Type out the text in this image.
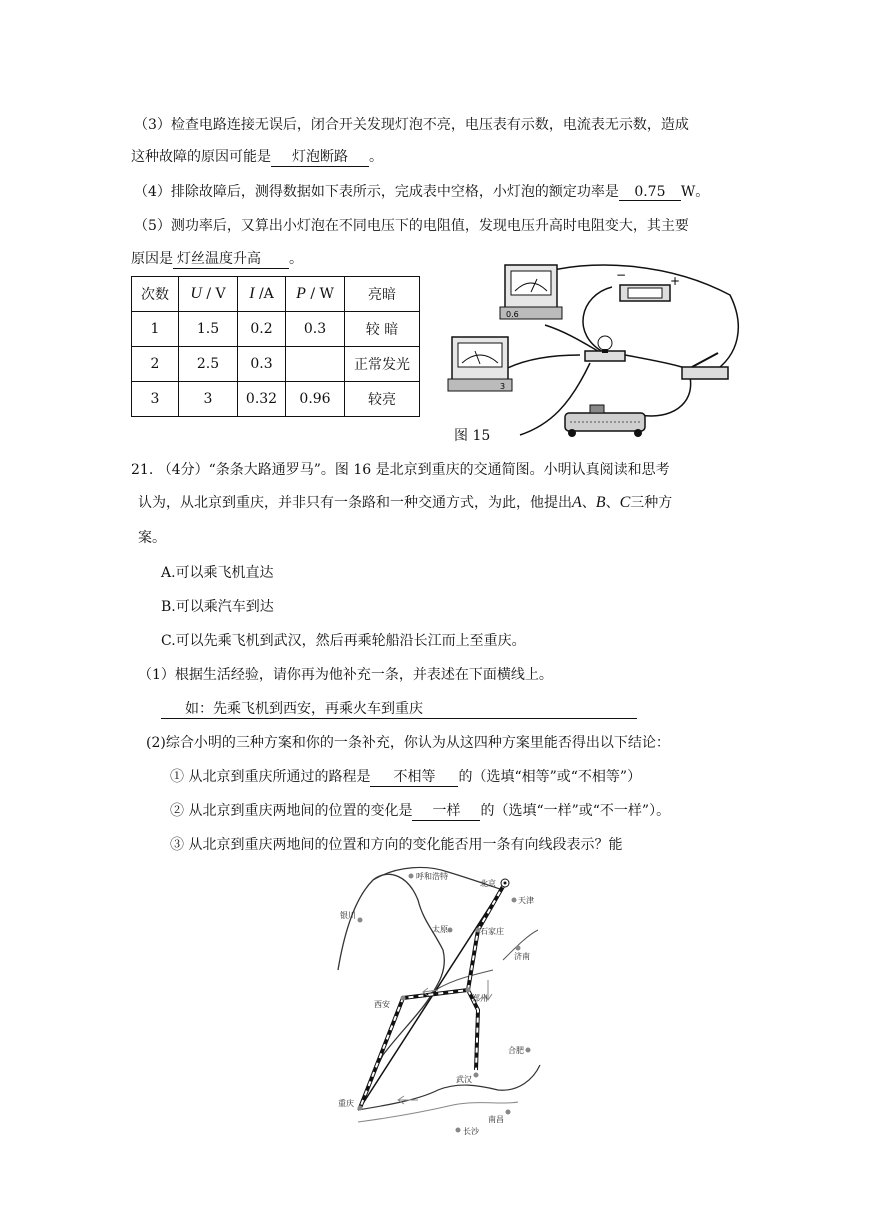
（3）检查电路连接无误后，闭合开关发现灯泡不亮，电压表有示数，电流表无示数，造成
这种故障的原因可能是 灯泡断路 。
（4）排除故障后，测得数据如下表所示，完成表中空格，小灯泡的额定功率是 0.75 W。
（5）测功率后，又算出小灯泡在不同电压下的电阻值，发现电压升高时电阻变大，其主要
原因是 灯丝温度升高 。
次数	U / V	I /A	P / W	亮暗
1	1.5	0.2	0.3	较 暗
2	2.5	0.3		正常发光
3	3	0.32	0.96	较亮
0.6
3
−	+
图 15
21. （4分）“条条大路通罗马”。图 16 是北京到重庆的交通简图。小明认真阅读和思考
认为，从北京到重庆，并非只有一条路和一种交通方式，为此，他提出A、B、C三种方
案。
A.可以乘飞机直达
B.可以乘汽车到达
C.可以先乘飞机到武汉，然后再乘轮船沿长江而上至重庆。
（1）根据生活经验，请你再为他补充一条，并表述在下面横线上。
如：先乘飞机到西安，再乘火车到重庆
(2)综合小明的三种方案和你的一条补充，你认为从这四种方案里能否得出以下结论：
① 从北京到重庆所通过的路程是 不相等 的（选填“相等”或“不相等”）
② 从北京到重庆两地间的位置的变化是 一样 的（选填“一样”或“不一样”）。
③ 从北京到重庆两地间的位置和方向的变化能否用一条有向线段表示？能
呼和浩特
北京
天津
银川
太原	石家庄
济南
西安
郑州
合肥
武汉
重庆
南昌
长沙
